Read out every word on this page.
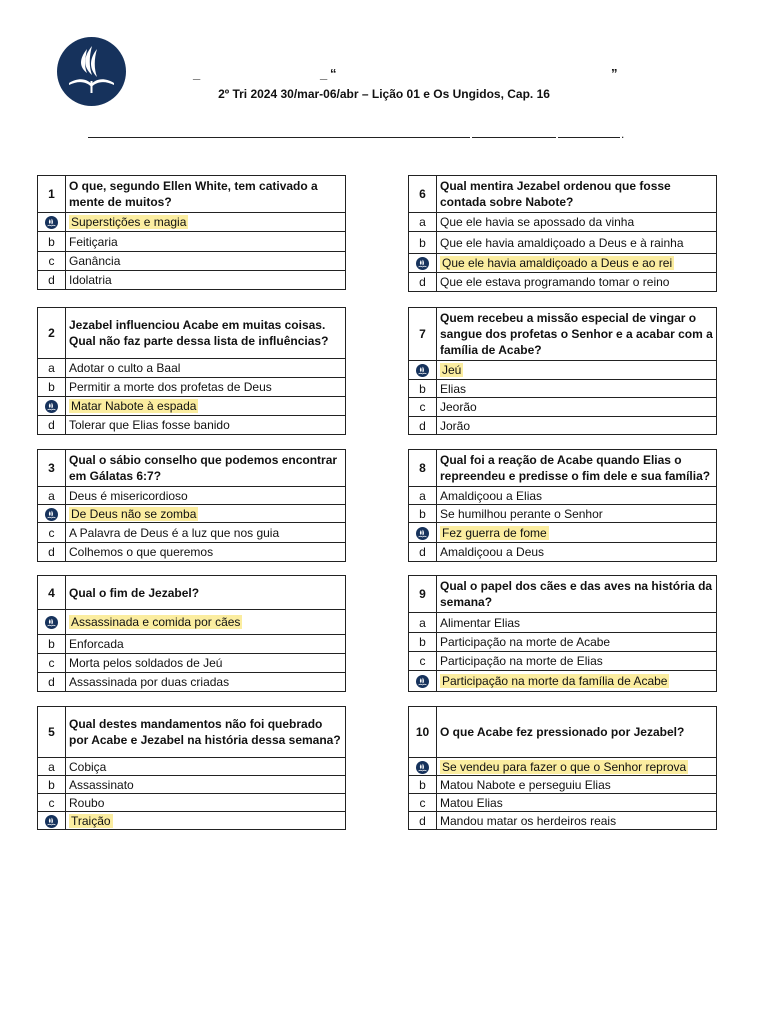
_	_ “	”
2º Tri 2024 30/mar-06/abr – Lição 01 e Os Ungidos, Cap. 16
.
1	O que, segundo Ellen White, tem cativado a mente de muitos?

	Superstições e magia
b	Feitiçaria
c	Ganância
d	Idolatria
2	Jezabel influenciou Acabe em muitas coisas. Qual não faz parte dessa lista de influências?
a	Adotar o culto a Baal
b	Permitir a morte dos profetas de Deus

	Matar Nabote à espada
d	Tolerar que Elias fosse banido
3	Qual o sábio conselho que podemos encontrar em Gálatas 6:7?
a	Deus é misericordioso

	De Deus não se zomba
c	A Palavra de Deus é a luz que nos guia
d	Colhemos o que queremos
4	Qual o fim de Jezabel?

	Assassinada e comida por cães
b	Enforcada
c	Morta pelos soldados de Jeú
d	Assassinada por duas criadas
5	Qual destes mandamentos não foi quebrado por Acabe e Jezabel na história dessa semana?
a	Cobiça
b	Assassinato
c	Roubo

	Traição
6	Qual mentira Jezabel ordenou que fosse contada sobre Nabote?
a	Que ele havia se apossado da vinha
b	Que ele havia amaldiçoado a Deus e à rainha

	Que ele havia amaldiçoado a Deus e ao rei
d	Que ele estava programando tomar o reino
7	Quem recebeu a missão especial de vingar o sangue dos profetas o Senhor e a acabar com a família de Acabe?

	Jeú
b	Elias
c	Jeorão
d	Jorão
8	Qual foi a reação de Acabe quando Elias o repreendeu e predisse o fim dele e sua família?
a	Amaldiçoou a Elias
b	Se humilhou perante o Senhor

	Fez guerra de fome
d	Amaldiçoou a Deus
9	Qual o papel dos cães e das aves na história da semana?
a	Alimentar Elias
b	Participação na morte de Acabe
c	Participação na morte de Elias

	Participação na morte da família de Acabe
10	O que Acabe fez pressionado por Jezabel?

	Se vendeu para fazer o que o Senhor reprova
b	Matou Nabote e perseguiu Elias
c	Matou Elias
d	Mandou matar os herdeiros reais
